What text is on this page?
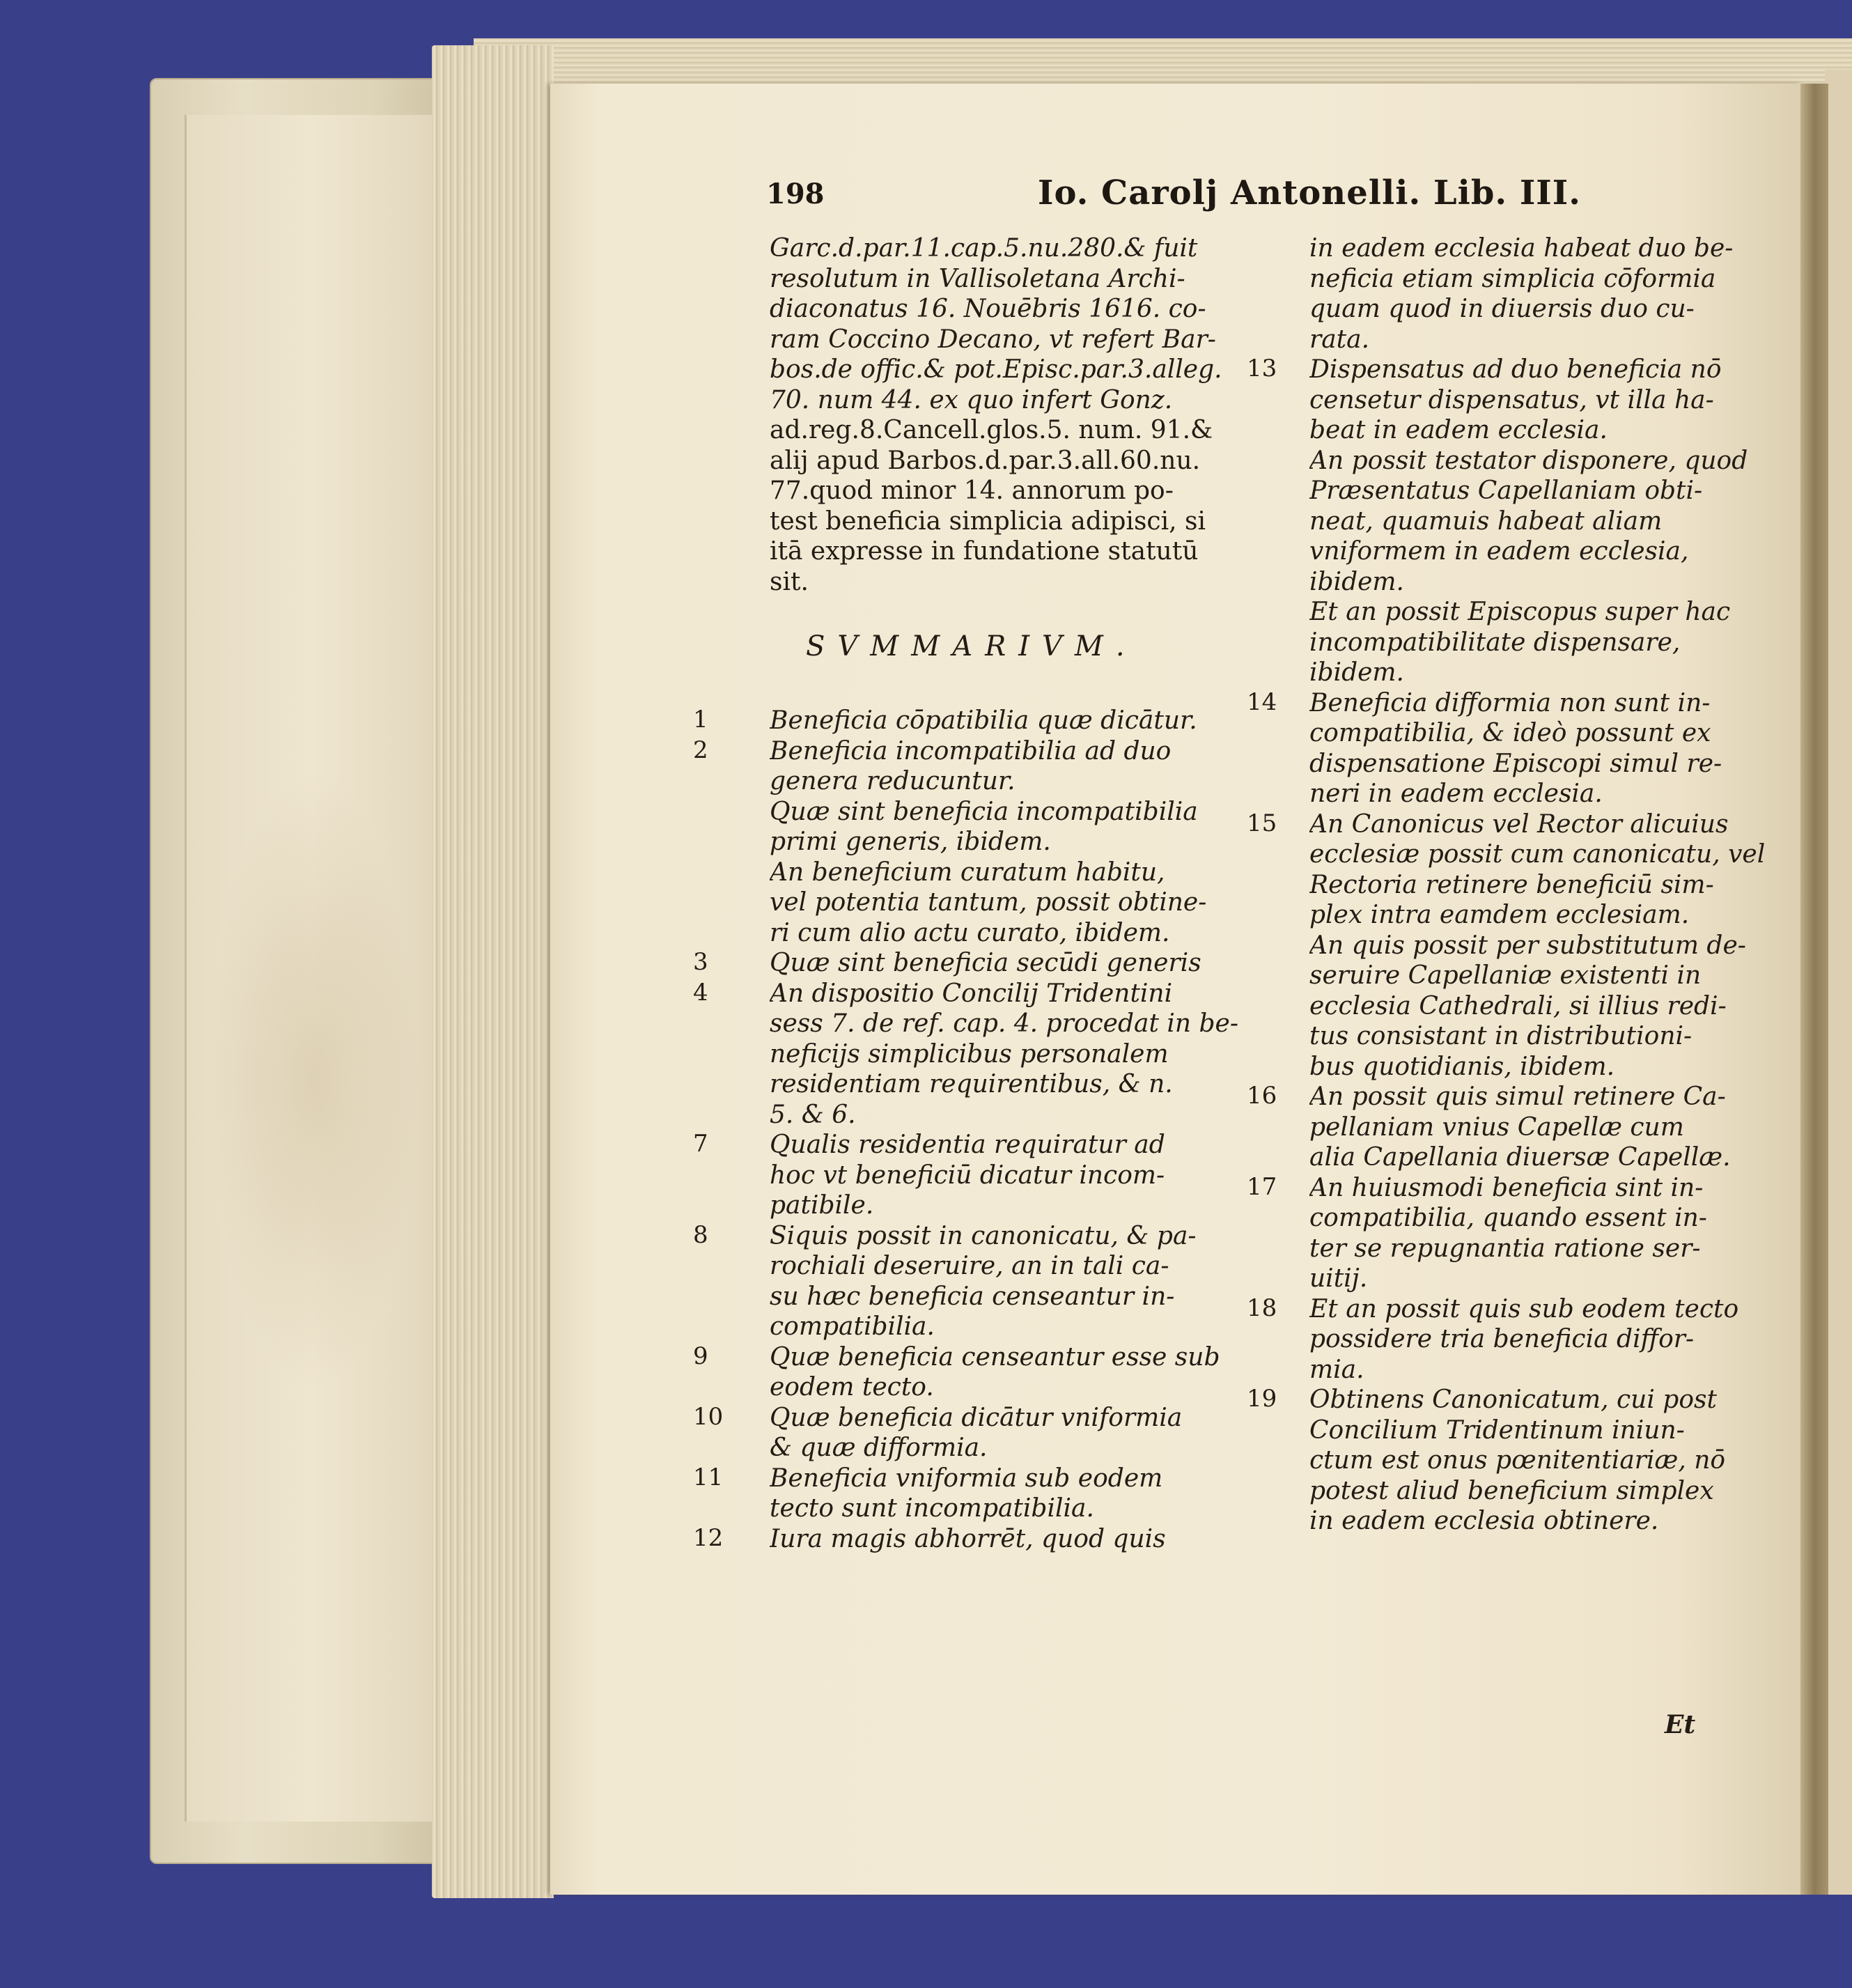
198	Io. Carolj Antonelli. Lib. III.
Garc.d.par.11.cap.5.nu.280.& fuit
resolutum in Vallisoletana Archi-
diaconatus 16. Nouēbris 1616. co-
ram Coccino Decano, vt refert Bar-
bos.de offic.& pot.Episc.par.3.alleg.
70. num 44. ex quo infert Gonz.
ad.reg.8.Cancell.glos.5. num. 91.&
alij apud Barbos.d.par.3.all.60.nu.
77.quod minor 14. annorum po-
test beneficia simplicia adipisci, si
itā expresse in fundatione statutū
sit.
SVMMARIVM.
1	Beneficia cōpatibilia quæ dicātur.
2	Beneficia incompatibilia ad duo
genera reducuntur.
Quæ sint beneficia incompatibilia
primi generis, ibidem.
An beneficium curatum habitu,
vel potentia tantum, possit obtine-
ri cum alio actu curato, ibidem.
3	Quæ sint beneficia secūdi generis
4	An dispositio Concilij Tridentini
sess 7. de ref. cap. 4. procedat in be-
neficijs simplicibus personalem
residentiam requirentibus, & n.
5. & 6.
7	Qualis residentia requiratur ad
hoc vt beneficiū dicatur incom-
patibile.
8	Siquis possit in canonicatu, & pa-
rochiali deseruire, an in tali ca-
su hæc beneficia censeantur in-
compatibilia.
9	Quæ beneficia censeantur esse sub
eodem tecto.
10	Quæ beneficia dicātur vniformia
& quæ difformia.
11	Beneficia vniformia sub eodem
tecto sunt incompatibilia.
12	Iura magis abhorrēt, quod quis
in eadem ecclesia habeat duo be-
neficia etiam simplicia cōformia
quam quod in diuersis duo cu-
rata.
13	Dispensatus ad duo beneficia nō
censetur dispensatus, vt illa ha-
beat in eadem ecclesia.
An possit testator disponere, quod
Præsentatus Capellaniam obti-
neat, quamuis habeat aliam
vniformem in eadem ecclesia,
ibidem.
Et an possit Episcopus super hac
incompatibilitate dispensare,
ibidem.
14	Beneficia difformia non sunt in-
compatibilia, & ideò possunt ex
dispensatione Episcopi simul re-
neri in eadem ecclesia.
15	An Canonicus vel Rector alicuius
ecclesiæ possit cum canonicatu, vel
Rectoria retinere beneficiū sim-
plex intra eamdem ecclesiam.
An quis possit per substitutum de-
seruire Capellaniæ existenti in
ecclesia Cathedrali, si illius redi-
tus consistant in distributioni-
bus quotidianis, ibidem.
16	An possit quis simul retinere Ca-
pellaniam vnius Capellæ cum
alia Capellania diuersæ Capellæ.
17	An huiusmodi beneficia sint in-
compatibilia, quando essent in-
ter se repugnantia ratione ser-
uitij.
18	Et an possit quis sub eodem tecto
possidere tria beneficia diffor-
mia.
19	Obtinens Canonicatum, cui post
Concilium Tridentinum iniun-
ctum est onus pœnitentiariæ, nō
potest aliud beneficium simplex
in eadem ecclesia obtinere.
Et
